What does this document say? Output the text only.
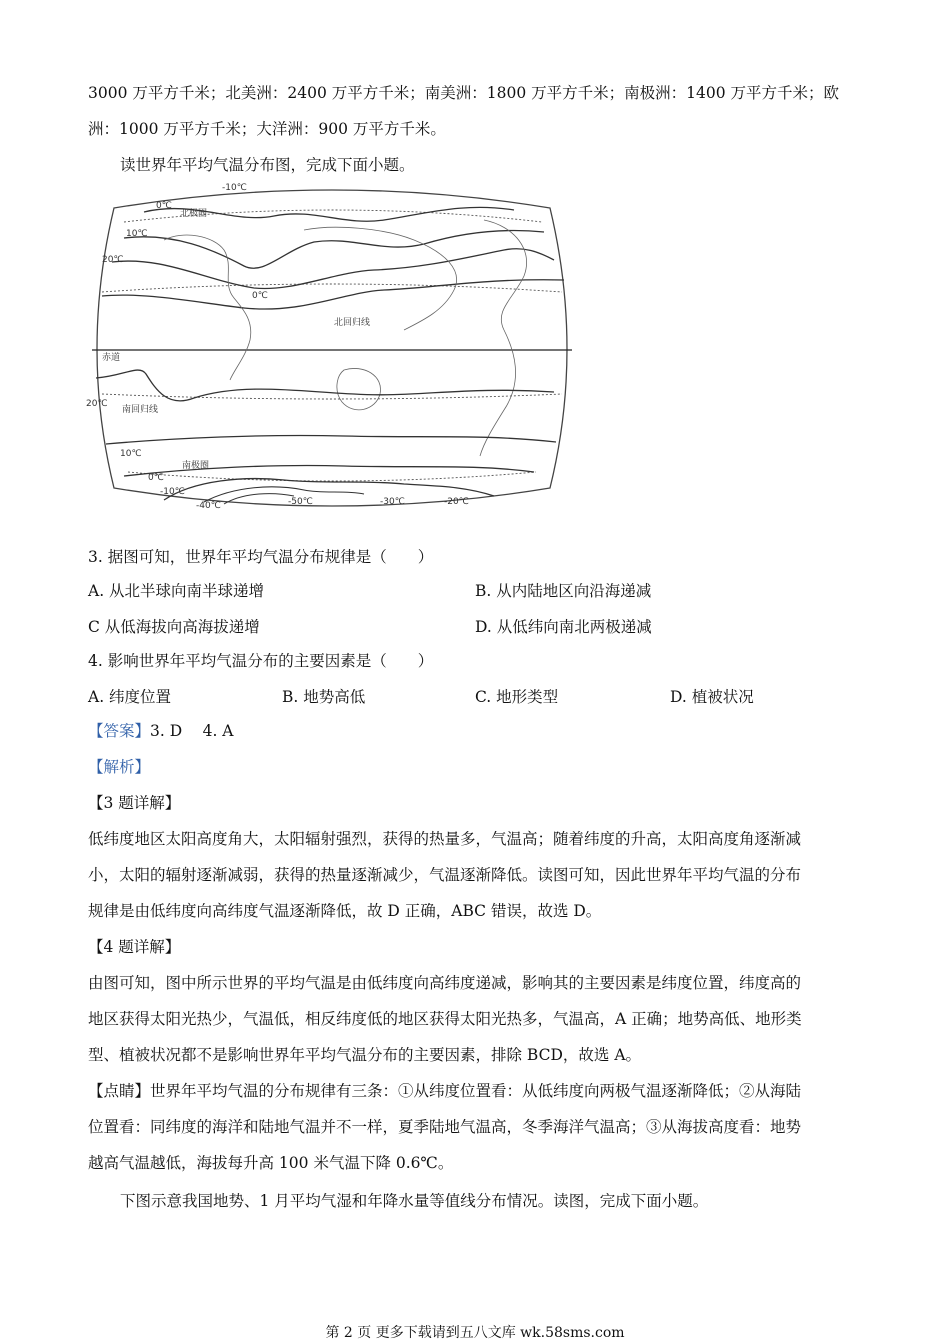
3000 万平方千米；北美洲：2400 万平方千米；南美洲：1800 万平方千米；南极洲：1400 万平方千米；欧
洲：1000 万平方千米；大洋洲：900 万平方千米。
读世界年平均气温分布图，完成下面小题。
-10℃
0℃
10℃
20℃
北极圈
0℃
北回归线
赤道
20℃
南回归线
10℃
南极圈
0℃
-10℃
-40℃	-50℃	-30℃	-20℃
3. 据图可知，世界年平均气温分布规律是（　　）
A. 从北半球向南半球递增	B. 从内陆地区向沿海递减
C 从低海拔向高海拔递增	D. 从低纬向南北两极递减
4. 影响世界年平均气温分布的主要因素是（　　）
A. 纬度位置	B. 地势高低	C. 地形类型	D. 植被状况
【答案】3. D　 4. A
【解析】
【3 题详解】
低纬度地区太阳高度角大，太阳辐射强烈，获得的热量多，气温高；随着纬度的升高，太阳高度角逐渐减
小，太阳的辐射逐渐减弱，获得的热量逐渐减少，气温逐渐降低。读图可知，因此世界年平均气温的分布
规律是由低纬度向高纬度气温逐渐降低，故 D 正确，ABC 错误，故选 D。
【4 题详解】
由图可知，图中所示世界的平均气温是由低纬度向高纬度递减，影响其的主要因素是纬度位置，纬度高的
地区获得太阳光热少，气温低，相反纬度低的地区获得太阳光热多，气温高，A 正确；地势高低、地形类
型、植被状况都不是影响世界年平均气温分布的主要因素，排除 BCD，故选 A。
【点睛】世界年平均气温的分布规律有三条：①从纬度位置看：从低纬度向两极气温逐渐降低；②从海陆
位置看：同纬度的海洋和陆地气温并不一样，夏季陆地气温高，冬季海洋气温高；③从海拔高度看：地势
越高气温越低，海拔每升高 100 米气温下降 0.6℃。
下图示意我国地势、1 月平均气湿和年降水量等值线分布情况。读图，完成下面小题。
第 2 页 更多下载请到五八文库 wk.58sms.com
